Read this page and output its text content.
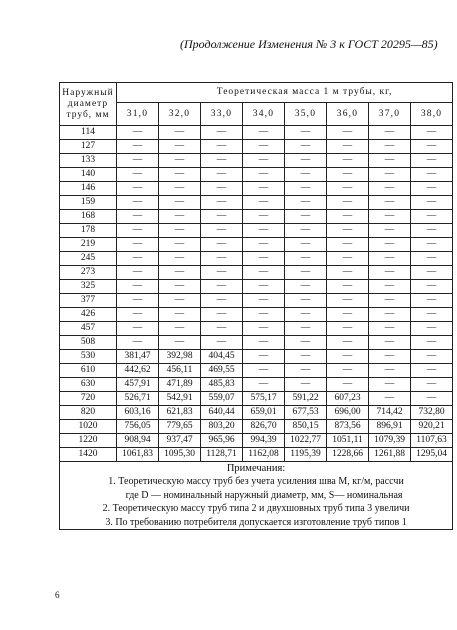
(Продолжение Изменения № 3 к ГОСТ 20295—85)
Наружный
диаметр
труб, мм	Теоретическая масса 1 м трубы, кг,							
	31,0	32,0	33,0	34,0	35,0	36,0	37,0	38,0
114	—	—	—	—	—	—	—	—
127	—	—	—	—	—	—	—	—
133	—	—	—	—	—	—	—	—
140	—	—	—	—	—	—	—	—
146	—	—	—	—	—	—	—	—
159	—	—	—	—	—	—	—	—
168	—	—	—	—	—	—	—	—
178	—	—	—	—	—	—	—	—
219	—	—	—	—	—	—	—	—
245	—	—	—	—	—	—	—	—
273	—	—	—	—	—	—	—	—
325	—	—	—	—	—	—	—	—
377	—	—	—	—	—	—	—	—
426	—	—	—	—	—	—	—	—
457	—	—	—	—	—	—	—	—
508	—	—	—	—	—	—	—	—
530	381,47	392,98	404,45	—	—	—	—	—
610	442,62	456,11	469,55	—	—	—	—	—
630	457,91	471,89	485,83	—	—	—	—	—
720	526,71	542,91	559,07	575,17	591,22	607,23	—	—
820	603,16	621,83	640,44	659,01	677,53	696,00	714,42	732,80
1020	756,05	779,65	803,20	826,70	850,15	873,56	896,91	920,21
1220	908,94	937,47	965,96	994,39	1022,77	1051,11	1079,39	1107,63
1420	1061,83	1095,30	1128,71	1162,08	1195,39	1228,66	1261,88	1295,04

Примечания:
1. Теоретическую массу труб без учета усиления шва М, кг/м, рассчи
где D — номинальный наружный диаметр, мм, S— номинальная
2. Теоретическую массу труб типа 2 и двухшовных труб типа 3 увеличи
3. По требованию потребителя допускается изготовление труб типов 1								
6
